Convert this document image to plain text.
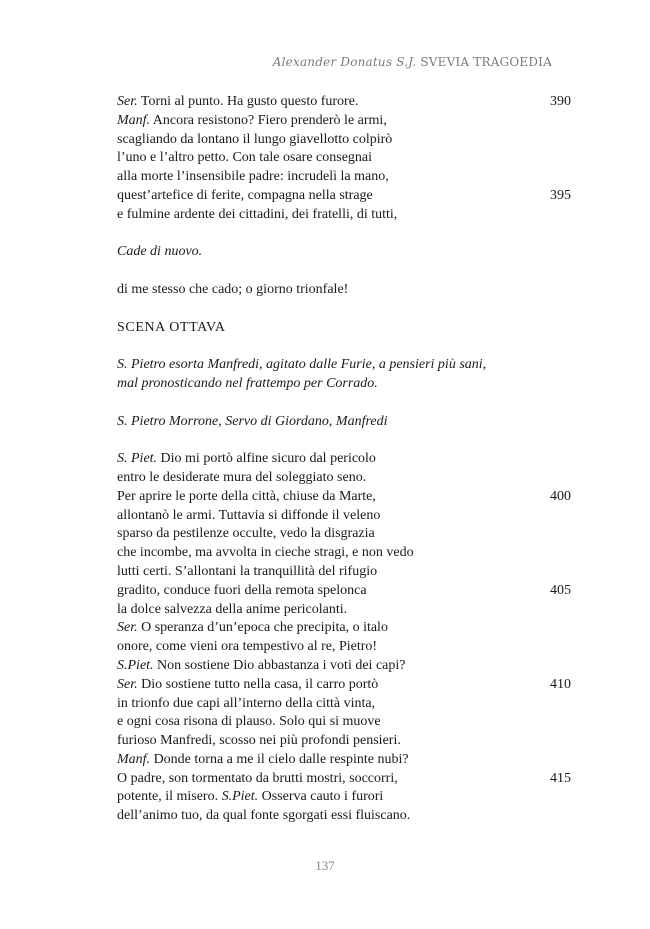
Alexander Donatus S.J. SVEVIA TRAGOEDIA
Ser. Torni al punto. Ha gusto questo furore.	390
Manf. Ancora resistono? Fiero prenderò le armi,
scagliando da lontano il lungo giavellotto colpirò
l’uno e l’altro petto. Con tale osare consegnai
alla morte l’insensibile padre: incrudelì la mano,
quest’artefice di ferite, compagna nella strage	395
e fulmine ardente dei cittadini, dei fratelli, di tutti,
Cade di nuovo.
di me stesso che cado; o giorno trionfale!
SCENA OTTAVA
S. Pietro esorta Manfredi, agitato dalle Furie, a pensieri più sani,
mal pronosticando nel frattempo per Corrado.
S. Pietro Morrone, Servo di Giordano, Manfredi
S. Piet. Dio mi portò alfine sicuro dal pericolo
entro le desiderate mura del soleggiato seno.
Per aprire le porte della città, chiuse da Marte,	400
allontanò le armi. Tuttavia si diffonde il veleno
sparso da pestilenze occulte, vedo la disgrazia
che incombe, ma avvolta in cieche stragi, e non vedo
lutti certi. S’allontani la tranquillità del rifugio
gradito, conduce fuori della remota spelonca	405
la dolce salvezza della anime pericolanti.
Ser. O speranza d’un’epoca che precipita, o italo
onore, come vieni ora tempestivo al re, Pietro!
S.Piet. Non sostiene Dio abbastanza i voti dei capi?
Ser. Dio sostiene tutto nella casa, il carro portò	410
in trionfo due capi all’interno della città vinta,
e ogni cosa risona di plauso. Solo qui si muove
furioso Manfredi, scosso nei più profondi pensieri.
Manf. Donde torna a me il cielo dalle respinte nubi?
O padre, son tormentato da brutti mostri, soccorri,	415
potente, il misero. S.Piet. Osserva cauto i furori
dell’animo tuo, da qual fonte sgorgati essi fluiscano.
137
